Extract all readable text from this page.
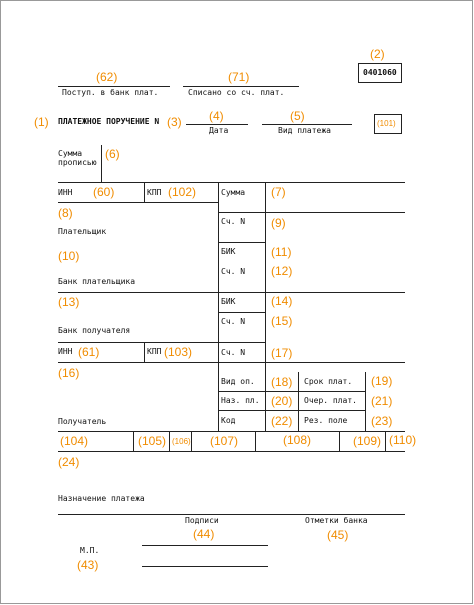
(2)
0401060
(62)
Поступ. в банк плат.
(71)
Списано со сч. плат.
(1) ПЛАТЕЖНОЕ ПОРУЧЕНИЕ N (3) (4)
Дата
(5)
Вид платежа
(101)
Сумма
прописью
(6)
ИНН (60)	КПП (102)	Сумма (7)
(8)
Плательщик
Сч. N (9)
(10)
Банк плательщика
БИК	(11)
Сч. N (12)
(13)
Банк получателя
БИК	(14)
Сч. N (15)
ИНН (61)	КПП (103)	Сч. N (17)
(16)
Получатель
Вид оп. (18) Срок плат. (19)
Наз. пл. (20) Очер. плат. (21)
Код	(22) Рез. поле (23)
(104)	(105) (106) (107)	(108)	(109) (110)
(24)
Назначение платежа
Подписи	Отметки банка
(44)	(45)
М.П.
(43)
